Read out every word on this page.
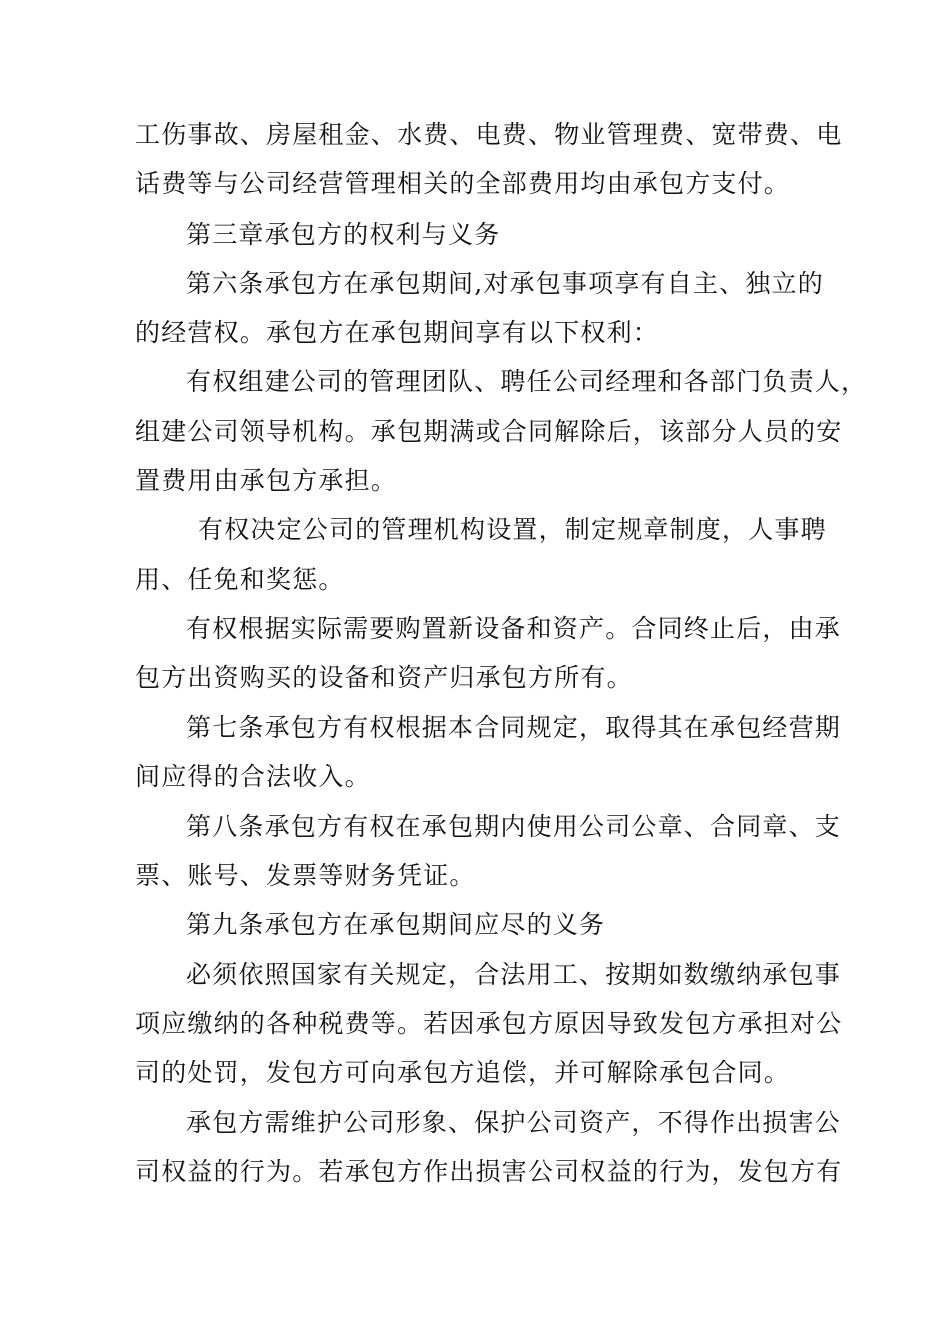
工伤事故、房屋租金、水费、电费、物业管理费、宽带费、电
话费等与公司经营管理相关的全部费用均由承包方支付。
第三章承包方的权利与义务
第六条承包方在承包期间,对承包事项享有自主、独立的
的经营权。承包方在承包期间享有以下权利：
有权组建公司的管理团队、聘任公司经理和各部门负责人，
组建公司领导机构。承包期满或合同解除后，该部分人员的安
置费用由承包方承担。
有权决定公司的管理机构设置，制定规章制度，人事聘
用、任免和奖惩。
有权根据实际需要购置新设备和资产。合同终止后，由承
包方出资购买的设备和资产归承包方所有。
第七条承包方有权根据本合同规定，取得其在承包经营期
间应得的合法收入。
第八条承包方有权在承包期内使用公司公章、合同章、支
票、账号、发票等财务凭证。
第九条承包方在承包期间应尽的义务
必须依照国家有关规定，合法用工、按期如数缴纳承包事
项应缴纳的各种税费等。若因承包方原因导致发包方承担对公
司的处罚，发包方可向承包方追偿，并可解除承包合同。
承包方需维护公司形象、保护公司资产，不得作出损害公
司权益的行为。若承包方作出损害公司权益的行为，发包方有
